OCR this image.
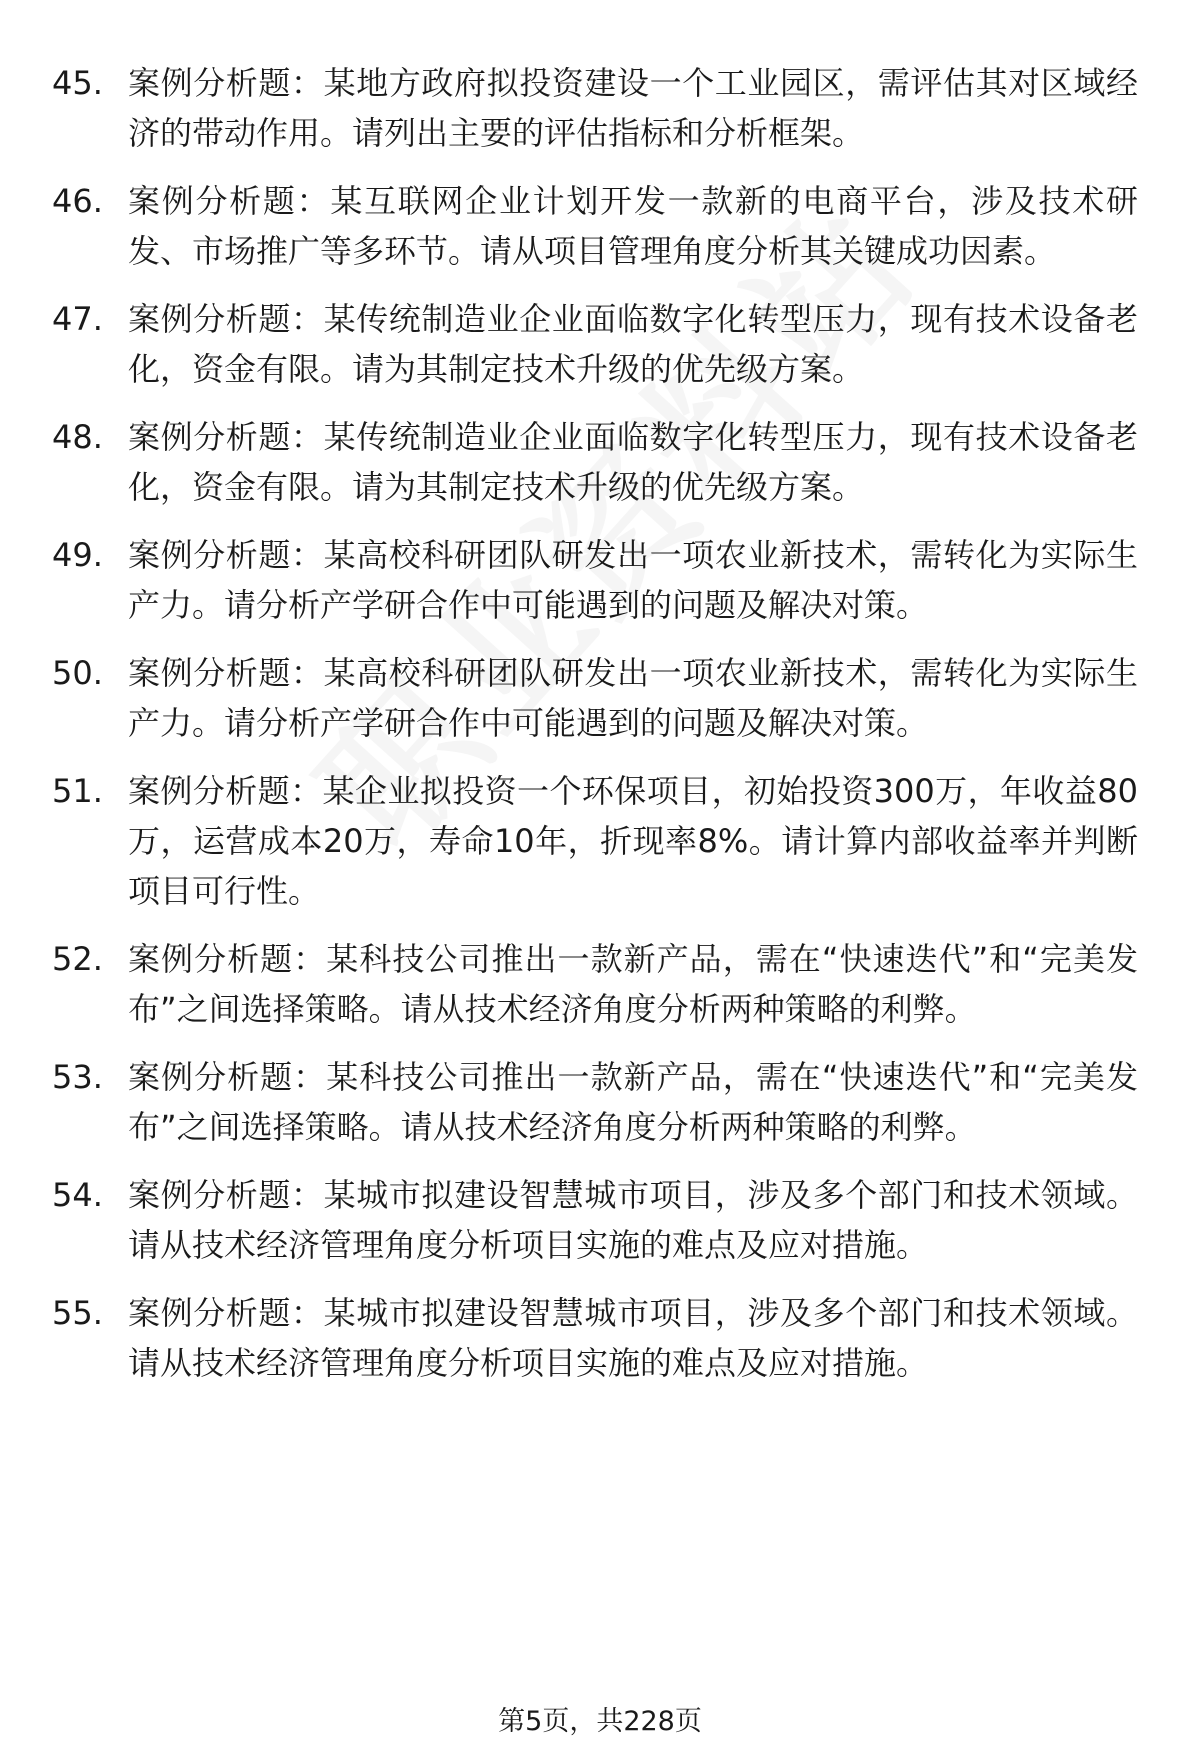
45. 案例分析题：某地方政府拟投资建设一个工业园区，需评估其对区域经济的带动作用。请列出主要的评估指标和分析框架。
46. 案例分析题：某互联网企业计划开发一款新的电商平台，涉及技术研发、市场推广等多环节。请从项目管理角度分析其关键成功因素。
47. 案例分析题：某传统制造业企业面临数字化转型压力，现有技术设备老化，资金有限。请为其制定技术升级的优先级方案。
48. 案例分析题：某传统制造业企业面临数字化转型压力，现有技术设备老化，资金有限。请为其制定技术升级的优先级方案。
49. 案例分析题：某高校科研团队研发出一项农业新技术，需转化为实际生产力。请分析产学研合作中可能遇到的问题及解决对策。
50. 案例分析题：某高校科研团队研发出一项农业新技术，需转化为实际生产力。请分析产学研合作中可能遇到的问题及解决对策。
51. 案例分析题：某企业拟投资一个环保项目，初始投资300万，年收益80万，运营成本20万，寿命10年，折现率8%。请计算内部收益率并判断项目可行性。
52. 案例分析题：某科技公司推出一款新产品，需在“快速迭代”和“完美发布”之间选择策略。请从技术经济角度分析两种策略的利弊。
53. 案例分析题：某科技公司推出一款新产品，需在“快速迭代”和“完美发布”之间选择策略。请从技术经济角度分析两种策略的利弊。
54. 案例分析题：某城市拟建设智慧城市项目，涉及多个部门和技术领域。请从技术经济管理角度分析项目实施的难点及应对措施。
55. 案例分析题：某城市拟建设智慧城市项目，涉及多个部门和技术领域。请从技术经济管理角度分析项目实施的难点及应对措施。
第5页，共228页
